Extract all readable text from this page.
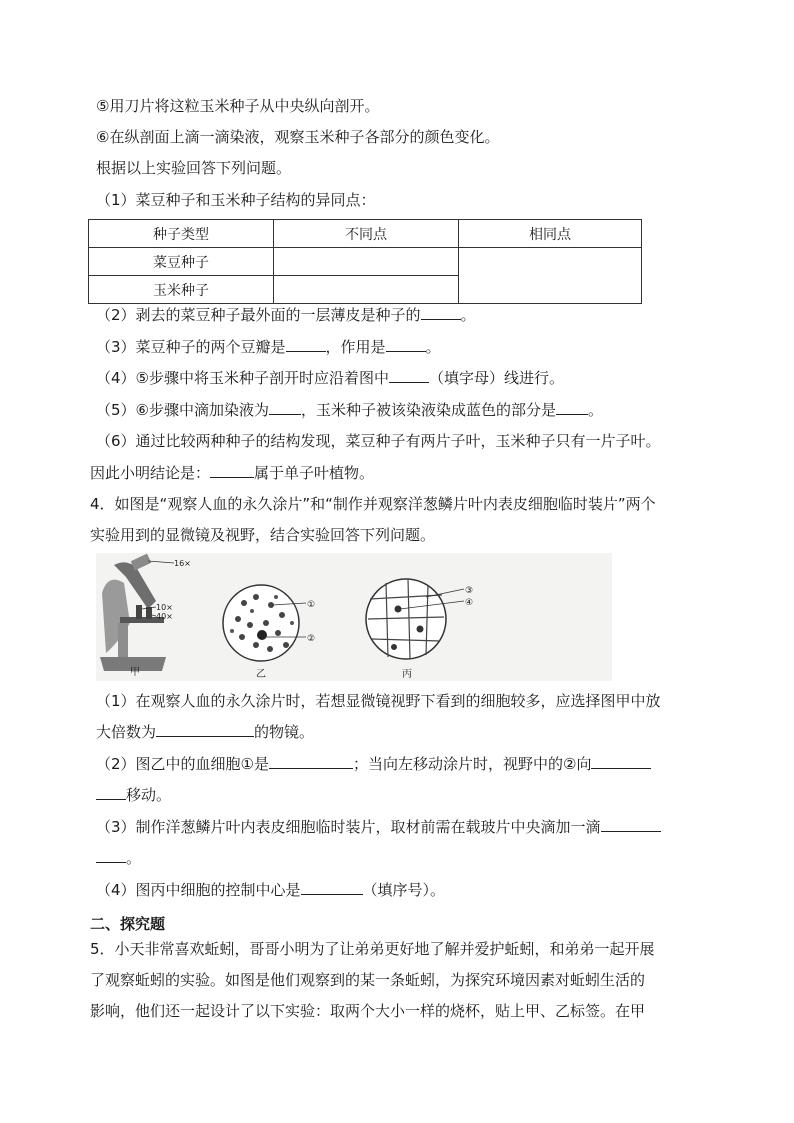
⑤用刀片将这粒玉米种子从中央纵向剖开。
⑥在纵剖面上滴一滴染液，观察玉米种子各部分的颜色变化。
根据以上实验回答下列问题。
（1）菜豆种子和玉米种子结构的异同点：
种子类型	不同点	相同点
菜豆种子		
玉米种子		
（2）剥去的菜豆种子最外面的一层薄皮是种子的	。
（3）菜豆种子的两个豆瓣是	，作用是	。
（4）⑤步骤中将玉米种子剖开时应沿着图中	（填字母）线进行。
（5）⑥步骤中滴加染液为 ，玉米种子被该染液染成蓝色的部分是 。
（6）通过比较两种种子的结构发现，菜豆种子有两片子叶，玉米种子只有一片子叶。
因此小明结论是：	属于单子叶植物。
4．如图是“观察人血的永久涂片”和“制作并观察洋葱鳞片叶内表皮细胞临时装片”两个
实验用到的显微镜及视野，结合实验回答下列问题。
16×
10×
40×
甲
①
②
乙
③
④
丙
（1）在观察人血的永久涂片时，若想显微镜视野下看到的细胞较多，应选择图甲中放
大倍数为	的物镜。
（2）图乙中的血细胞①是	；当向左移动涂片时，视野中的②向
移动。
（3）制作洋葱鳞片叶内表皮细胞临时装片，取材前需在载玻片中央滴加一滴
。
（4）图丙中细胞的控制中心是	（填序号）。
二、探究题
5．小天非常喜欢蚯蚓，哥哥小明为了让弟弟更好地了解并爱护蚯蚓，和弟弟一起开展
了观察蚯蚓的实验。如图是他们观察到的某一条蚯蚓，为探究环境因素对蚯蚓生活的
影响，他们还一起设计了以下实验：取两个大小一样的烧杯，贴上甲、乙标签。在甲
